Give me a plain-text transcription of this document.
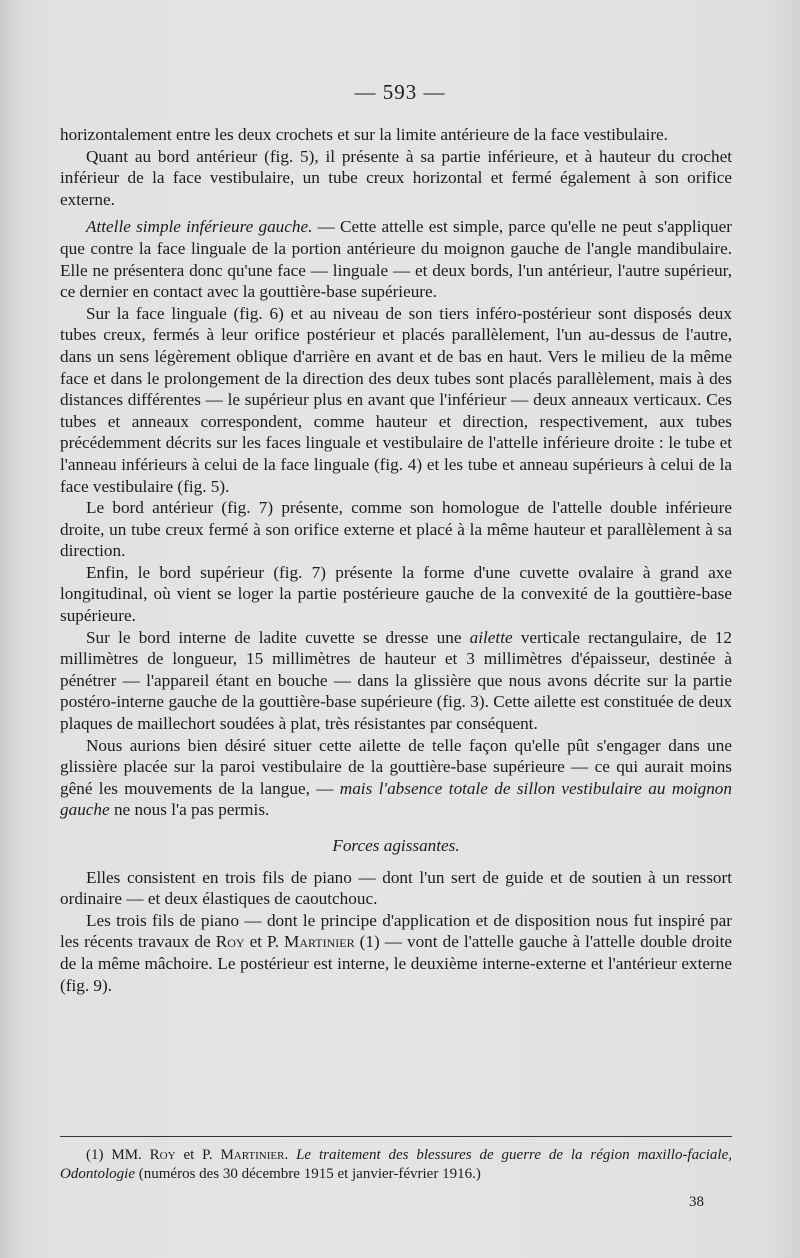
— 593 —

horizontalement entre les deux crochets et sur la limite antérieure de la face vestibulaire.

Quant au bord antérieur (fig. 5), il présente à sa partie inférieure, et à hauteur du crochet inférieur de la face vestibulaire, un tube creux horizontal et fermé également à son orifice externe.

Attelle simple inférieure gauche. — Cette attelle est simple, parce qu'elle ne peut s'appliquer que contre la face linguale de la portion antérieure du moignon gauche de l'angle mandibulaire. Elle ne présentera donc qu'une face — linguale — et deux bords, l'un antérieur, l'autre supérieur, ce dernier en contact avec la gouttière-base supérieure.

Sur la face linguale (fig. 6) et au niveau de son tiers inféro-postérieur sont disposés deux tubes creux, fermés à leur orifice postérieur et placés parallèlement, l'un au-dessus de l'autre, dans un sens légèrement oblique d'arrière en avant et de bas en haut. Vers le milieu de la même face et dans le prolongement de la direction des deux tubes sont placés parallèlement, mais à des distances différentes — le supérieur plus en avant que l'inférieur — deux anneaux verticaux. Ces tubes et anneaux correspondent, comme hauteur et direction, respectivement, aux tubes précédemment décrits sur les faces linguale et vestibulaire de l'attelle inférieure droite : le tube et l'anneau inférieurs à celui de la face linguale (fig. 4) et les tube et anneau supérieurs à celui de la face vestibulaire (fig. 5).

Le bord antérieur (fig. 7) présente, comme son homologue de l'attelle double inférieure droite, un tube creux fermé à son orifice externe et placé à la même hauteur et parallèlement à sa direction.

Enfin, le bord supérieur (fig. 7) présente la forme d'une cuvette ovalaire à grand axe longitudinal, où vient se loger la partie postérieure gauche de la convexité de la gouttière-base supérieure.

Sur le bord interne de ladite cuvette se dresse une ailette verticale rectangulaire, de 12 millimètres de longueur, 15 millimètres de hauteur et 3 millimètres d'épaisseur, destinée à pénétrer — l'appareil étant en bouche — dans la glissière que nous avons décrite sur la partie postéro-interne gauche de la gouttière-base supérieure (fig. 3). Cette ailette est constituée de deux plaques de maillechort soudées à plat, très résistantes par conséquent.

Nous aurions bien désiré situer cette ailette de telle façon qu'elle pût s'engager dans une glissière placée sur la paroi vestibulaire de la gouttière-base supérieure — ce qui aurait moins gêné les mouvements de la langue, — mais l'absence totale de sillon vestibulaire au moignon gauche ne nous l'a pas permis.

Forces agissantes.

Elles consistent en trois fils de piano — dont l'un sert de guide et de soutien à un ressort ordinaire — et deux élastiques de caoutchouc.

Les trois fils de piano — dont le principe d'application et de disposition nous fut inspiré par les récents travaux de Roy et P. Martinier (1) — vont de l'attelle gauche à l'attelle double droite de la même mâchoire. Le postérieur est interne, le deuxième interne-externe et l'antérieur externe (fig. 9).

(1) MM. Roy et P. Martinier. Le traitement des blessures de guerre de la région maxillo-faciale, Odontologie (numéros des 30 décembre 1915 et janvier-février 1916.)

38
